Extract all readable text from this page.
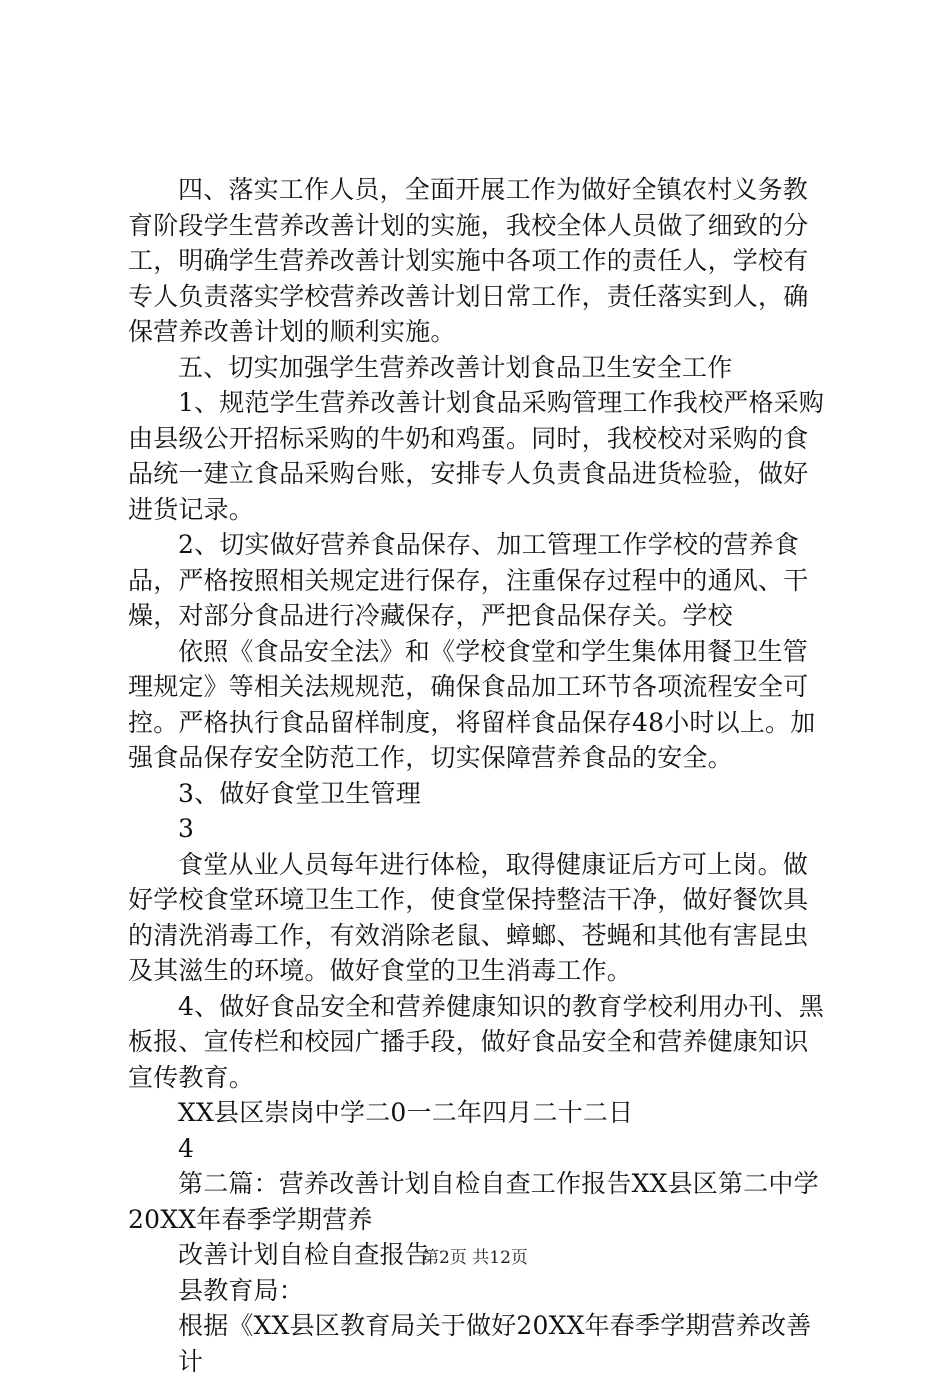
四、落实工作人员，全面开展工作为做好全镇农村义务教育阶段学生营养改善计划的实施，我校全体人员做了细致的分工，明确学生营养改善计划实施中各项工作的责任人，学校有专人负责落实学校营养改善计划日常工作，责任落实到人，确保营养改善计划的顺利实施。

五、切实加强学生营养改善计划食品卫生安全工作

1、规范学生营养改善计划食品采购管理工作我校严格采购由县级公开招标采购的牛奶和鸡蛋。同时，我校校对采购的食品统一建立食品采购台账，安排专人负责食品进货检验，做好进货记录。

2、切实做好营养食品保存、加工管理工作学校的营养食品，严格按照相关规定进行保存，注重保存过程中的通风、干燥，对部分食品进行冷藏保存，严把食品保存关。学校

依照《食品安全法》和《学校食堂和学生集体用餐卫生管理规定》等相关法规规范，确保食品加工环节各项流程安全可控。严格执行食品留样制度，将留样食品保存48小时以上。加强食品保存安全防范工作，切实保障营养食品的安全。

3、做好食堂卫生管理

3

食堂从业人员每年进行体检，取得健康证后方可上岗。做好学校食堂环境卫生工作，使食堂保持整洁干净，做好餐饮具的清洗消毒工作，有效消除老鼠、蟑螂、苍蝇和其他有害昆虫及其滋生的环境。做好食堂的卫生消毒工作。

4、做好食品安全和营养健康知识的教育学校利用办刊、黑板报、宣传栏和校园广播手段，做好食品安全和营养健康知识宣传教育。

XX县区崇岗中学二0一二年四月二十二日

4

第二篇：营养改善计划自检自查工作报告XX县区第二中学20XX年春季学期营养

改善计划自检自查报告

县教育局：

根据《XX县区教育局关于做好20XX年春季学期营养改善计

第2页 共12页
